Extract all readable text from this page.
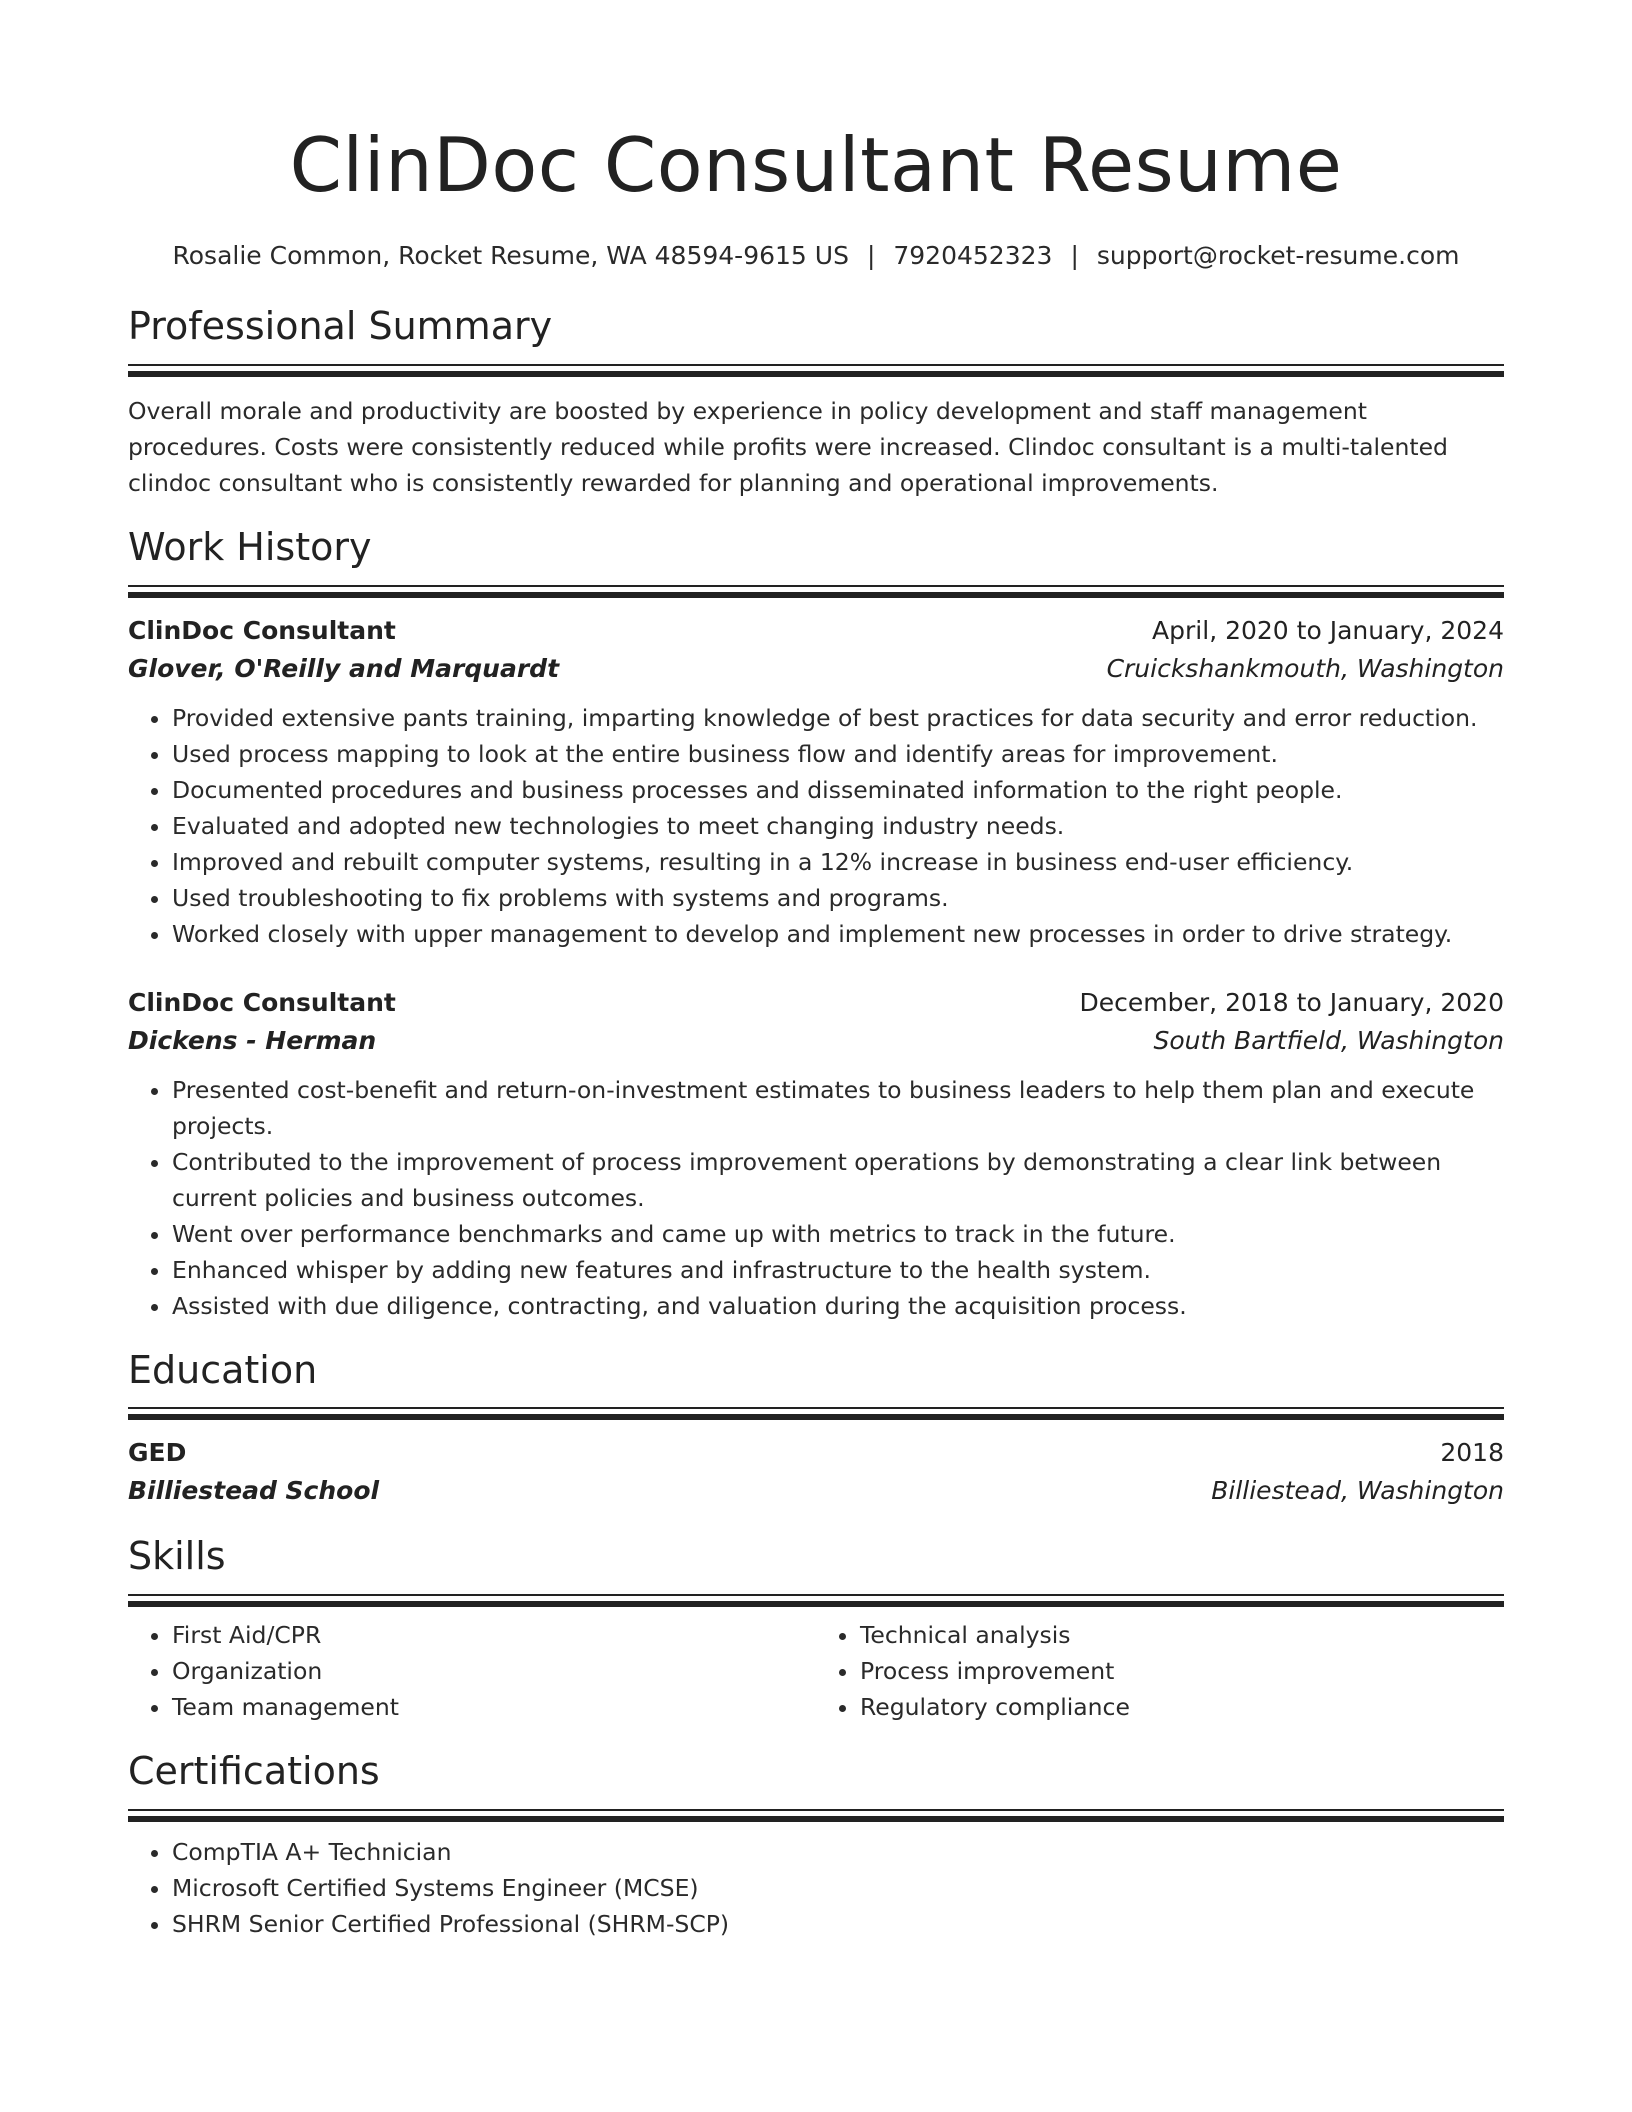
ClinDoc Consultant Resume
Rosalie Common, Rocket Resume, WA 48594-9615 US | 7920452323 | support@rocket-resume.com
Professional Summary
Overall morale and productivity are boosted by experience in policy development and staff management procedures. Costs were consistently reduced while profits were increased. Clindoc consultant is a multi-talented clindoc consultant who is consistently rewarded for planning and operational improvements.
Work History
ClinDoc Consultant	April, 2020 to January, 2024
Glover, O'Reilly and Marquardt	Cruickshankmouth, Washington
• Provided extensive pants training, imparting knowledge of best practices for data security and error reduction.
• Used process mapping to look at the entire business flow and identify areas for improvement.
• Documented procedures and business processes and disseminated information to the right people.
• Evaluated and adopted new technologies to meet changing industry needs.
• Improved and rebuilt computer systems, resulting in a 12% increase in business end-user efficiency.
• Used troubleshooting to fix problems with systems and programs.
• Worked closely with upper management to develop and implement new processes in order to drive strategy.
ClinDoc Consultant	December, 2018 to January, 2020
Dickens - Herman	South Bartfield, Washington
• Presented cost-benefit and return-on-investment estimates to business leaders to help them plan and execute projects.
• Contributed to the improvement of process improvement operations by demonstrating a clear link between current policies and business outcomes.
• Went over performance benchmarks and came up with metrics to track in the future.
• Enhanced whisper by adding new features and infrastructure to the health system.
• Assisted with due diligence, contracting, and valuation during the acquisition process.
Education
GED	2018
Billiestead School	Billiestead, Washington
Skills
• First Aid/CPR
• Organization
• Team management
• Technical analysis
• Process improvement
• Regulatory compliance
Certifications
• CompTIA A+ Technician
• Microsoft Certified Systems Engineer (MCSE)
• SHRM Senior Certified Professional (SHRM-SCP)
